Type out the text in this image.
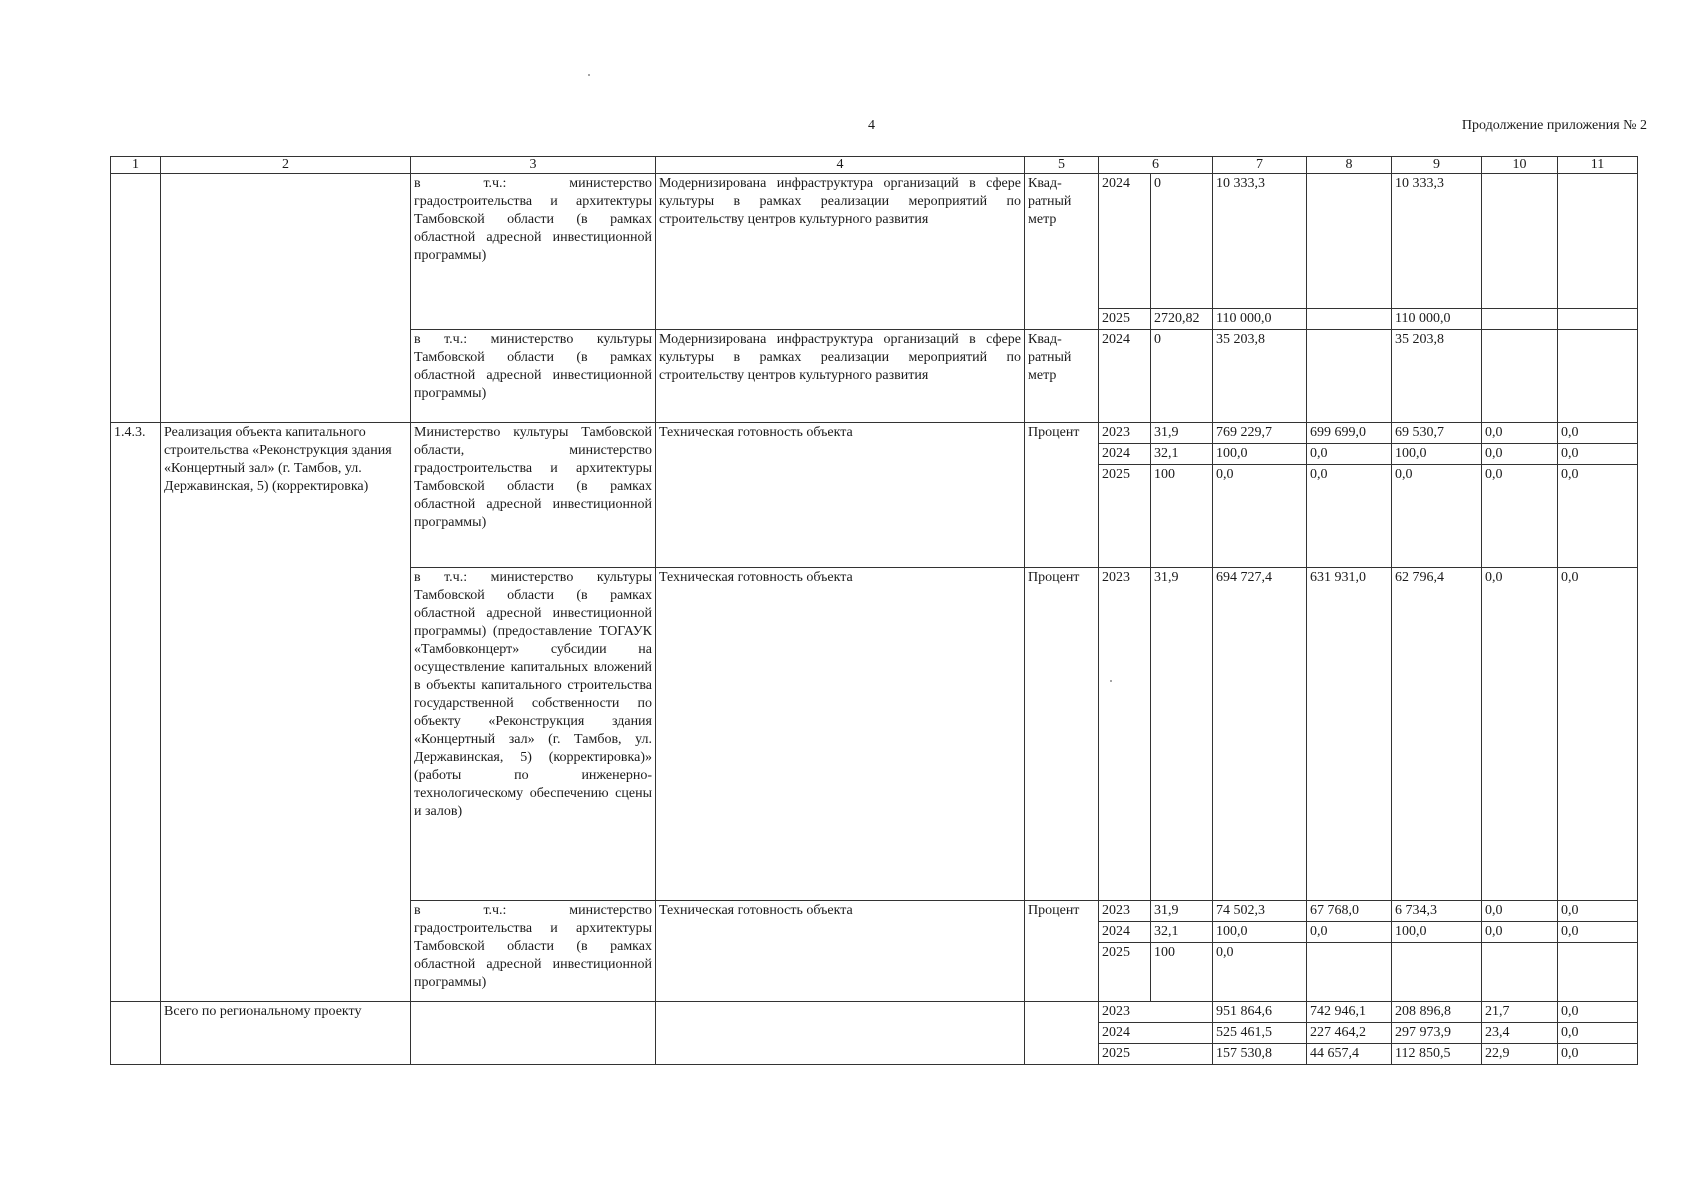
4	Продолжение приложения № 2
1	2	3	4	5	6		7	8	9	10	11
		в т.ч.: министерство градостроительства и архитектуры Тамбовской области (в рамках областной адресной инвестиционной программы)	Модернизирована инфраструктура организаций в сфере культуры в рамках реализации мероприятий по строительству центров культурного развития	Квад-ратный метр	2024	0	10 333,3		10 333,3		
					2025	2720,82	110 000,0		110 000,0		
		в т.ч.: министерство культуры Тамбовской области (в рамках областной адресной инвестиционной программы)	Модернизирована инфраструктура организаций в сфере культуры в рамках реализации мероприятий по строительству центров культурного развития	Квад-ратный метр	2024	0	35 203,8		35 203,8		
1.4.3.	Реализация объекта капитального строительства «Реконструкция здания «Концертный зал» (г. Тамбов, ул. Державинская, 5) (корректировка)	Министерство культуры Тамбовской области, министерство градостроительства и архитектуры Тамбовской области (в рамках областной адресной инвестиционной программы)	Техническая готовность объекта	Процент	2023	31,9	769 229,7	699 699,0	69 530,7	0,0	0,0
					2024	32,1	100,0	0,0	100,0	0,0	0,0
					2025	100	0,0	0,0	0,0	0,0	0,0
		в т.ч.: министерство культуры Тамбовской области (в рамках областной адресной инвестиционной программы) (предоставление ТОГАУК «Тамбовконцерт» субсидии на осуществление капитальных вложений в объекты капитального строительства государственной собственности по объекту «Реконструкция здания «Концертный зал» (г. Тамбов, ул. Державинская, 5) (корректировка)» (работы по инженерно-технологическому обеспечению сцены и залов)	Техническая готовность объекта	Процент	2023	31,9	694 727,4	631 931,0	62 796,4	0,0	0,0
		в т.ч.: министерство градостроительства и архитектуры Тамбовской области (в рамках областной адресной инвестиционной программы)	Техническая готовность объекта	Процент	2023	31,9	74 502,3	67 768,0	6 734,3	0,0	0,0
					2024	32,1	100,0	0,0	100,0	0,0	0,0
					2025	100	0,0				
	Всего по региональному проекту				2023		951 864,6	742 946,1	208 896,8	21,7	0,0
					2024		525 461,5	227 464,2	297 973,9	23,4	0,0
					2025		157 530,8	44 657,4	112 850,5	22,9	0,0
